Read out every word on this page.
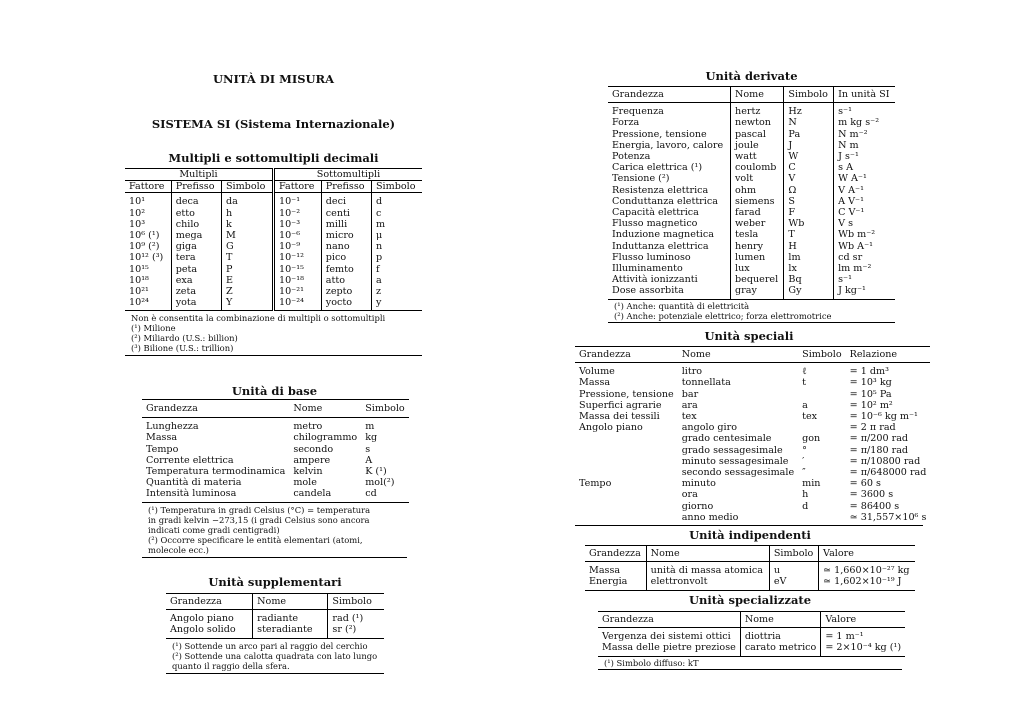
UNITÀ DI MISURA
SISTEMA SI (Sistema Internazionale)
Multipli e sottomultipli decimali
Multipli			Sottomultipli		
Fattore	Prefisso	Simbolo	Fattore	Prefisso	Simbolo
10¹	deca	da	10⁻¹	deci	d
10²	etto	h	10⁻²	centi	c
10³	chilo	k	10⁻³	milli	m
10⁶ (¹)	mega	M	10⁻⁶	micro	μ
10⁹ (²)	giga	G	10⁻⁹	nano	n
10¹² (³)	tera	T	10⁻¹²	pico	p
10¹⁵	peta	P	10⁻¹⁵	femto	f
10¹⁸	exa	E	10⁻¹⁸	atto	a
10²¹	zeta	Z	10⁻²¹	zepto	z
10²⁴	yota	Y	10⁻²⁴	yocto	y
Non è consentita la combinazione di multipli o sottomultipli
(¹) Milione
(²) Miliardo (U.S.: billion)
(³) Bilione (U.S.: trillion)
Unità di base
Grandezza	Nome	Simbolo
Lunghezza	metro	m
Massa	chilogrammo	kg
Tempo	secondo	s
Corrente elettrica	ampere	A
Temperatura termodinamica	kelvin	K (¹)
Quantità di materia	mole	mol(²)
Intensità luminosa	candela	cd
(¹) Temperatura in gradi Celsius (°C) = temperatura
in gradi kelvin −273,15 (i gradi Celsius sono ancora
indicati come gradi centigradi)
(²) Occorre specificare le entità elementari (atomi,
molecole ecc.)
Unità supplementari
Grandezza	Nome	Simbolo
Angolo piano	radiante	rad (¹)
Angolo solido	steradiante	sr (²)
(¹) Sottende un arco pari al raggio del cerchio
(²) Sottende una calotta quadrata con lato lungo
quanto il raggio della sfera.
Unità derivate
Grandezza	Nome	Simbolo	In unità SI
Frequenza	hertz	Hz	s⁻¹
Forza	newton	N	m kg s⁻²
Pressione, tensione	pascal	Pa	N m⁻²
Energia, lavoro, calore	joule	J	N m
Potenza	watt	W	J s⁻¹
Carica elettrica (¹)	coulomb	C	s A
Tensione (²)	volt	V	W A⁻¹
Resistenza elettrica	ohm	Ω	V A⁻¹
Conduttanza elettrica	siemens	S	A V⁻¹
Capacità elettrica	farad	F	C V⁻¹
Flusso magnetico	weber	Wb	V s
Induzione magnetica	tesla	T	Wb m⁻²
Induttanza elettrica	henry	H	Wb A⁻¹
Flusso luminoso	lumen	lm	cd sr
Illuminamento	lux	lx	lm m⁻²
Attività ionizzanti	bequerel	Bq	s⁻¹
Dose assorbita	gray	Gy	J kg⁻¹
(¹) Anche: quantità di elettricità
(²) Anche: potenziale elettrico; forza elettromotrice
Unità speciali
Grandezza	Nome	Simbolo	Relazione
Volume	litro	ℓ	= 1 dm³
Massa	tonnellata	t	= 10³ kg
Pressione, tensione	bar		= 10⁵ Pa
Superfici agrarie	ara	a	= 10² m²
Massa dei tessili	tex	tex	= 10⁻⁶ kg m⁻¹
Angolo piano	angolo giro		= 2 π rad
	grado centesimale	gon	= π/200 rad
	grado sessagesimale	°	= π/180 rad
	minuto sessagesimale	′	= π/10800 rad
	secondo sessagesimale	″	= π/648000 rad
Tempo	minuto	min	= 60 s
	ora	h	= 3600 s
	giorno	d	= 86400 s
	anno medio		≃ 31,557×10⁶ s
Unità indipendenti
Grandezza	Nome	Simbolo	Valore
Massa	unità di massa atomica	u	≃ 1,660×10⁻²⁷ kg
Energia	elettronvolt	eV	≃ 1,602×10⁻¹⁹ J
Unità specializzate
Grandezza	Nome	Valore
Vergenza dei sistemi ottici	diottria	= 1 m⁻¹
Massa delle pietre preziose	carato metrico	= 2×10⁻⁴ kg (¹)
(¹) Simbolo diffuso: kT
